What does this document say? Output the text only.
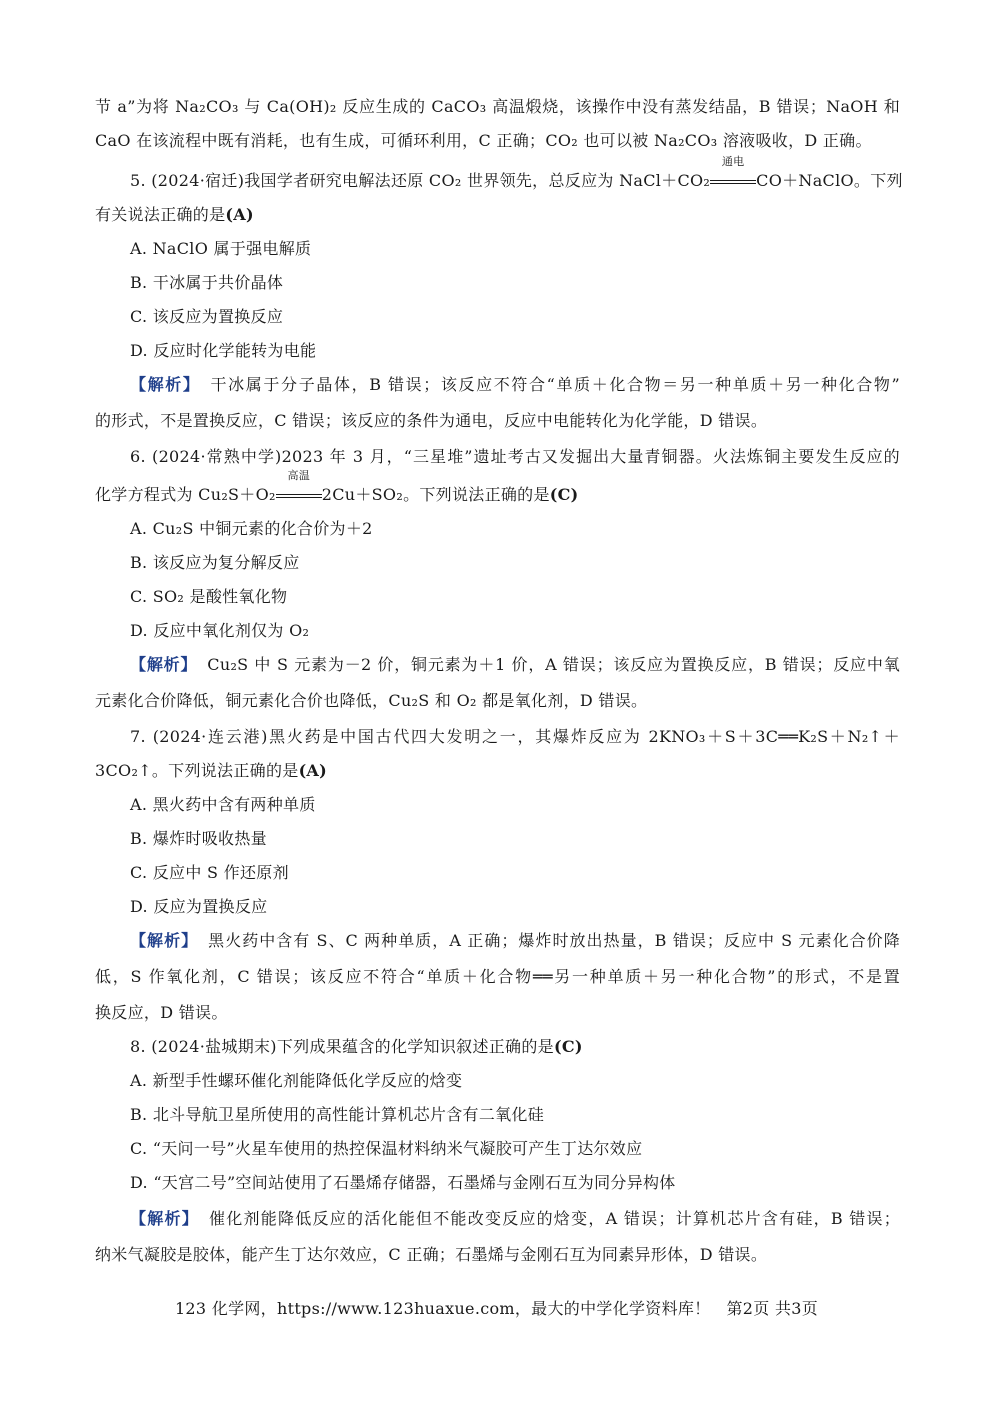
节 a”为将 Na₂CO₃ 与 Ca(OH)₂ 反应生成的 CaCO₃ 高温煅烧，该操作中没有蒸发结晶，B 错误；NaOH 和
CaO 在该流程中既有消耗，也有生成，可循环利用，C 正确；CO₂ 也可以被 Na₂CO₃ 溶液吸收，D 正确。
5. (2024·宿迁)我国学者研究电解法还原 CO₂ 世界领先，总反应为 NaCl＋CO₂
通电
CO＋NaClO。下列
有关说法正确的是(A)
A. NaClO 属于强电解质
B. 干冰属于共价晶体
C. 该反应为置换反应
D. 反应时化学能转为电能
【解析】 干冰属于分子晶体，B 错误；该反应不符合“单质＋化合物＝另一种单质＋另一种化合物”
的形式，不是置换反应，C 错误；该反应的条件为通电，反应中电能转化为化学能，D 错误。
6. (2024·常熟中学)2023 年 3 月，“三星堆”遗址考古又发掘出大量青铜器。火法炼铜主要发生反应的
化学方程式为 Cu₂S＋O₂
高温
2Cu＋SO₂。下列说法正确的是(C)
A. Cu₂S 中铜元素的化合价为＋2
B. 该反应为复分解反应
C. SO₂ 是酸性氧化物
D. 反应中氧化剂仅为 O₂
【解析】 Cu₂S 中 S 元素为－2 价，铜元素为＋1 价，A 错误；该反应为置换反应，B 错误；反应中氧
元素化合价降低，铜元素化合价也降低，Cu₂S 和 O₂ 都是氧化剂，D 错误。
7. (2024·连云港)黑火药是中国古代四大发明之一，其爆炸反应为 2KNO₃＋S＋3C══K₂S＋N₂↑＋
3CO₂↑。下列说法正确的是(A)
A. 黑火药中含有两种单质
B. 爆炸时吸收热量
C. 反应中 S 作还原剂
D. 反应为置换反应
【解析】 黑火药中含有 S、C 两种单质，A 正确；爆炸时放出热量，B 错误；反应中 S 元素化合价降
低，S 作氧化剂，C 错误；该反应不符合“单质＋化合物══另一种单质＋另一种化合物”的形式，不是置
换反应，D 错误。
8. (2024·盐城期末)下列成果蕴含的化学知识叙述正确的是(C)
A. 新型手性螺环催化剂能降低化学反应的焓变
B. 北斗导航卫星所使用的高性能计算机芯片含有二氧化硅
C. “天问一号”火星车使用的热控保温材料纳米气凝胶可产生丁达尔效应
D. “天宫二号”空间站使用了石墨烯存储器，石墨烯与金刚石互为同分异构体
【解析】 催化剂能降低反应的活化能但不能改变反应的焓变，A 错误；计算机芯片含有硅，B 错误；
纳米气凝胶是胶体，能产生丁达尔效应，C 正确；石墨烯与金刚石互为同素异形体，D 错误。
123 化学网，https://www.123huaxue.com，最大的中学化学资料库！ 第2页 共3页
